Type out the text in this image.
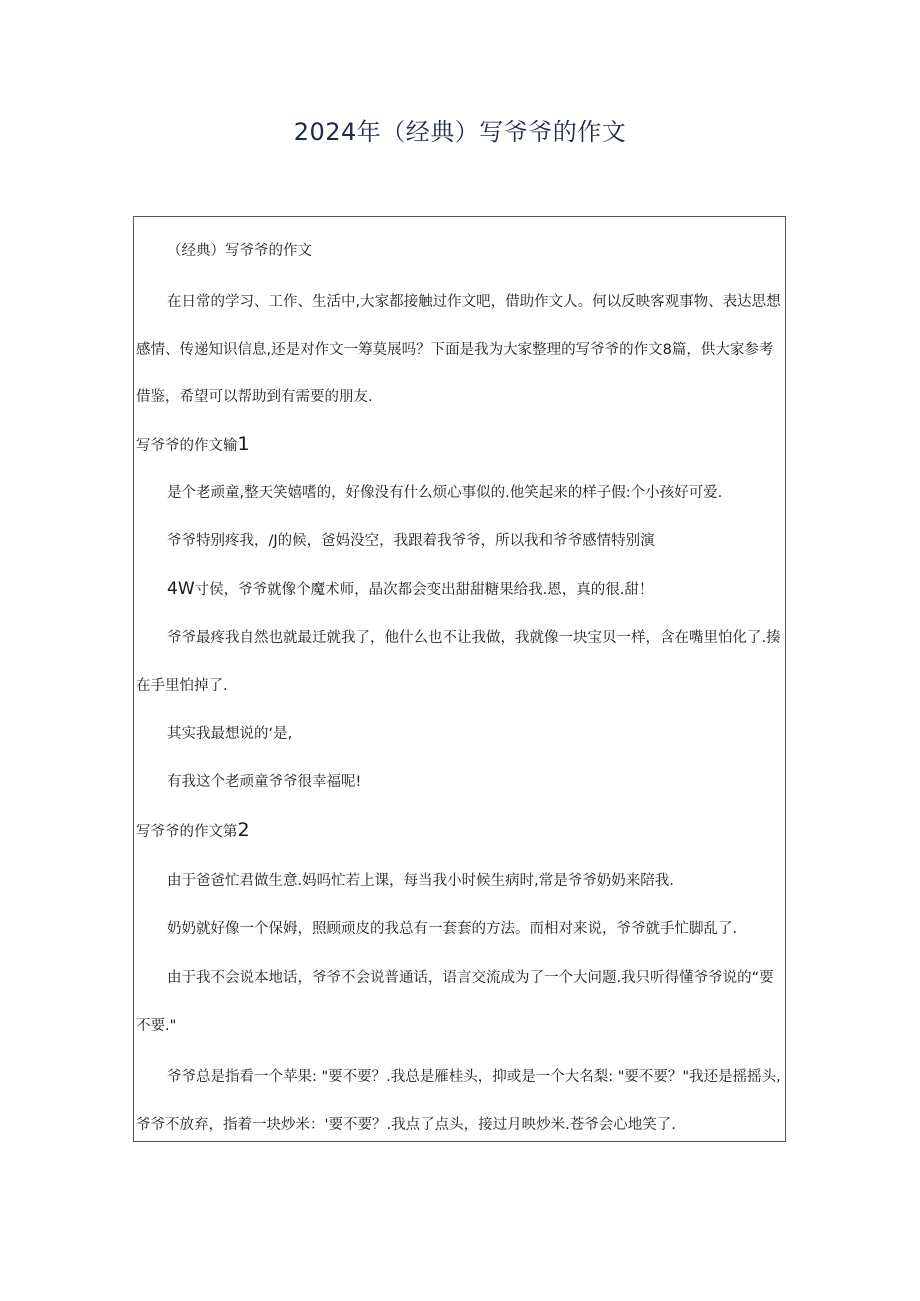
2024年（经典）写爷爷的作文
（经典）写爷爷的作文
在日常的学习、工作、生活中,大家都接触过作文吧，借助作文人。何以反映客观事物、表达思想
感情、传递知识信息,还是对作文一筹莫展吗？下面是我为大家整理的写爷爷的作文8篇，供大家参考
借鉴，希望可以帮助到有需要的朋友.
写爷爷的作文输1
是个老顽童,整天笑嬉嗜的，好像没有什么烦心事似的.他笑起来的样子假:个小孩好可爱.
爷爷特别疼我，/J的候，爸妈没空，我跟着我爷爷，所以我和爷爷感情特别演
4W寸侯，爷爷就像个魔术师，晶次都会变出甜甜糖果给我.恩，真的很.甜！
爷爷最疼我自然也就最迁就我了，他什么也不让我做，我就像一块宝贝一样，含在嘴里怕化了.揍
在手里怕掉了.
其实我最想说的‘是,
有我这个老顽童爷爷很幸福呢!
写爷爷的作文第2
由于爸爸忙君做生意.妈吗忙若上课，每当我小时候生病时,常是爷爷奶奶来陪我.
奶奶就好像一个保姆，照顾顽皮的我总有一套套的方法。而相对来说，爷爷就手忙脚乱了.
由于我不会说本地话，爷爷不会说普通话，语言交流成为了一个大问题.我只听得懂爷爷说的“要
不要."
爷爷总是指看一个苹果: "要不要？.我总是雁桂头，抑或是一个大名梨: "要不要？"我还是摇摇头,
爷爷不放弃，指着一块炒米：'要不要？.我点了点头，接过月映炒米.苍爷会心地笑了.
